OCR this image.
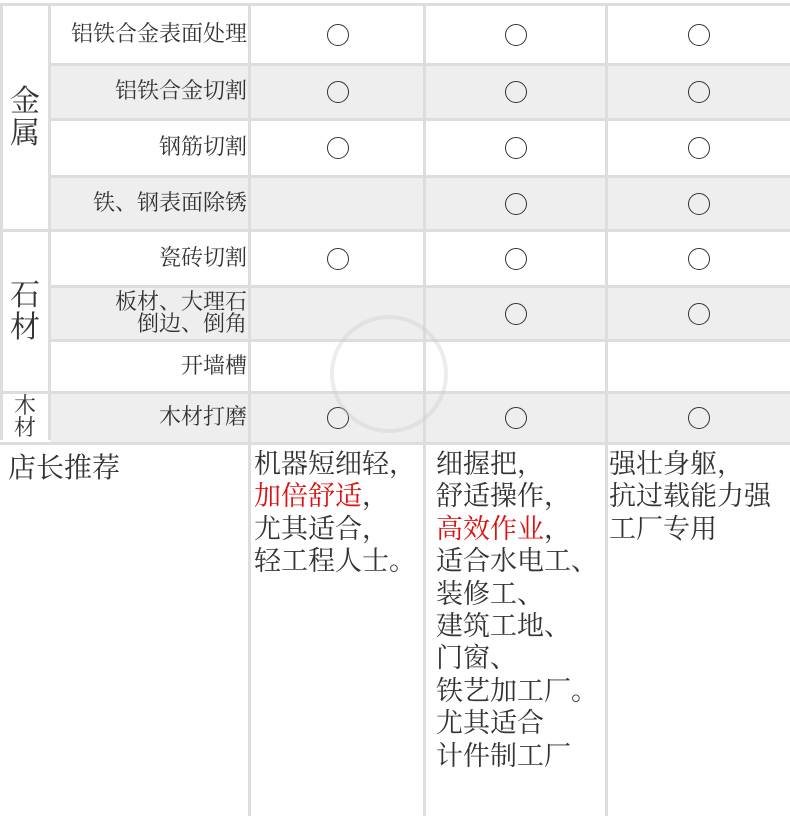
金
属
石
材
木
材
铝铁合金表面处理
铝铁合金切割
钢筋切割
铁、钢表面除锈
瓷砖切割
板材、大理石
倒边、倒角
开墙槽
木材打磨
店长推荐	机器短细轻，
加倍舒适，
尤其适合，
轻工程人士。
细握把，
舒适操作，
高效作业，
适合水电工、
装修工、
建筑工地、
门窗、
铁艺加工厂。
尤其适合
计件制工厂
强壮身躯，
抗过载能力强
工厂专用
